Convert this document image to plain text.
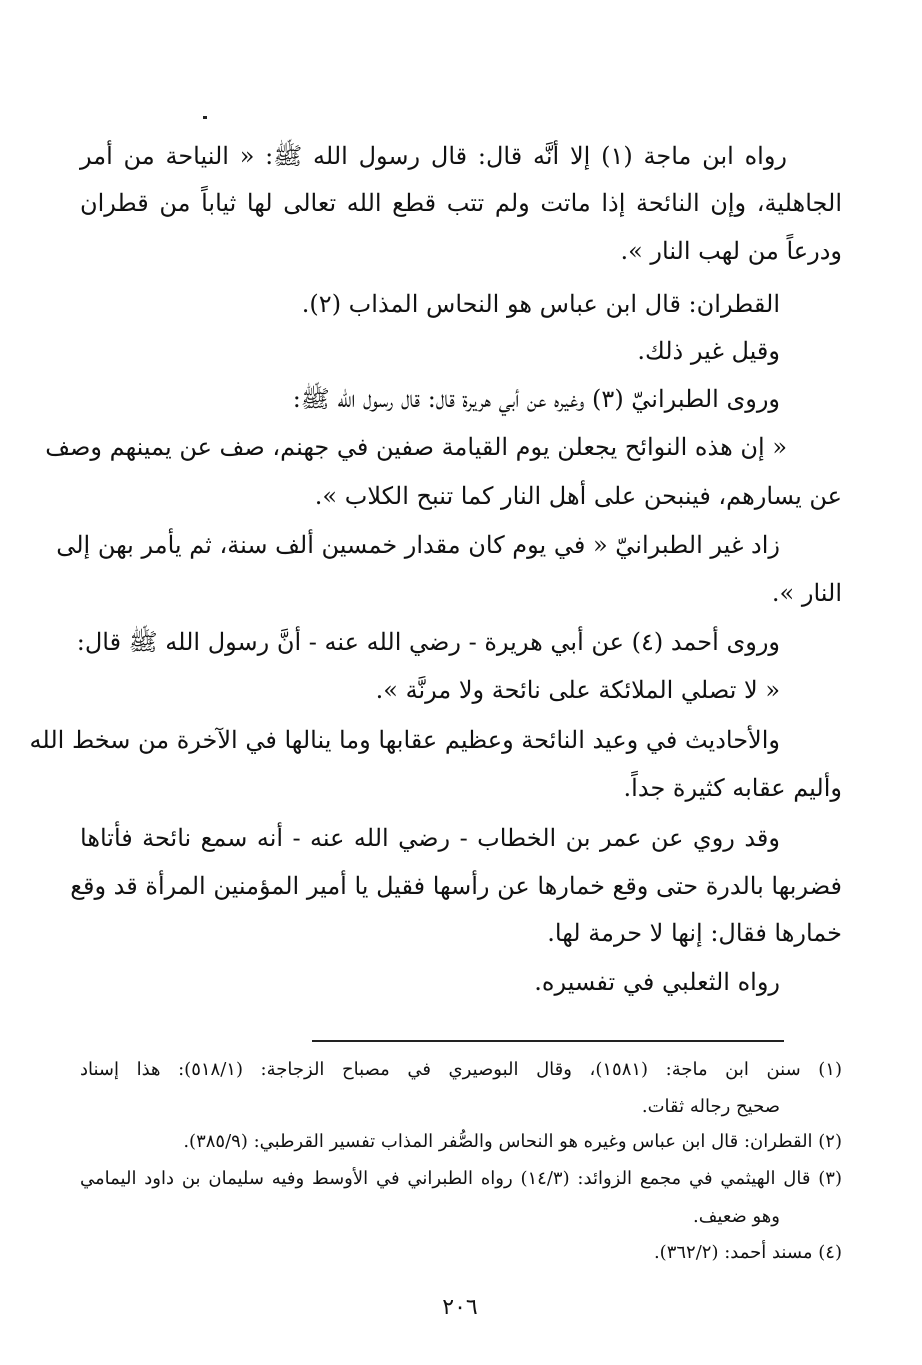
رواه ابن ماجة (١) إلا أنَّه قال: قال رسول الله ﷺ: « النياحة من أمر
الجاهلية، وإن النائحة إذا ماتت ولم تتب قطع الله تعالى لها ثياباً من قطران
ودرعاً من لهب النار ».
القطران: قال ابن عباس هو النحاس المذاب (٢).
وقيل غير ذلك.
وروى الطبرانيّ (٣) وغيره عن أبي هريرة قال: قال رسول الله ﷺ:
« إن هذه النوائح يجعلن يوم القيامة صفين في جهنم، صف عن يمينهم وصف
عن يسارهم، فينبحن على أهل النار كما تنبح الكلاب ».
زاد غير الطبرانيّ « في يوم كان مقدار خمسين ألف سنة، ثم يأمر بهن إلى
النار ».
وروى أحمد (٤) عن أبي هريرة - رضي الله عنه - أنَّ رسول الله ﷺ قال:
« لا تصلي الملائكة على نائحة ولا مرنَّة ».
والأحاديث في وعيد النائحة وعظيم عقابها وما ينالها في الآخرة من سخط الله
وأليم عقابه كثيرة جداً.
وقد روي عن عمر بن الخطاب - رضي الله عنه - أنه سمع نائحة فأتاها
فضربها بالدرة حتى وقع خمارها عن رأسها فقيل يا أمير المؤمنين المرأة قد وقع
خمارها فقال: إنها لا حرمة لها.
رواه الثعلبي في تفسيره.
(١) سنن ابن ماجة: (١٥٨١)، وقال البوصيري في مصباح الزجاجة: (٥١٨/١): هذا إسناد
صحيح رجاله ثقات.
(٢) القطران: قال ابن عباس وغيره هو النحاس والصُّفر المذاب تفسير القرطبي: (٣٨٥/٩).
(٣) قال الهيثمي في مجمع الزوائد: (١٤/٣) رواه الطبراني في الأوسط وفيه سليمان بن داود اليمامي
وهو ضعيف.
(٤) مسند أحمد: (٣٦٢/٢).
٢٠٦
